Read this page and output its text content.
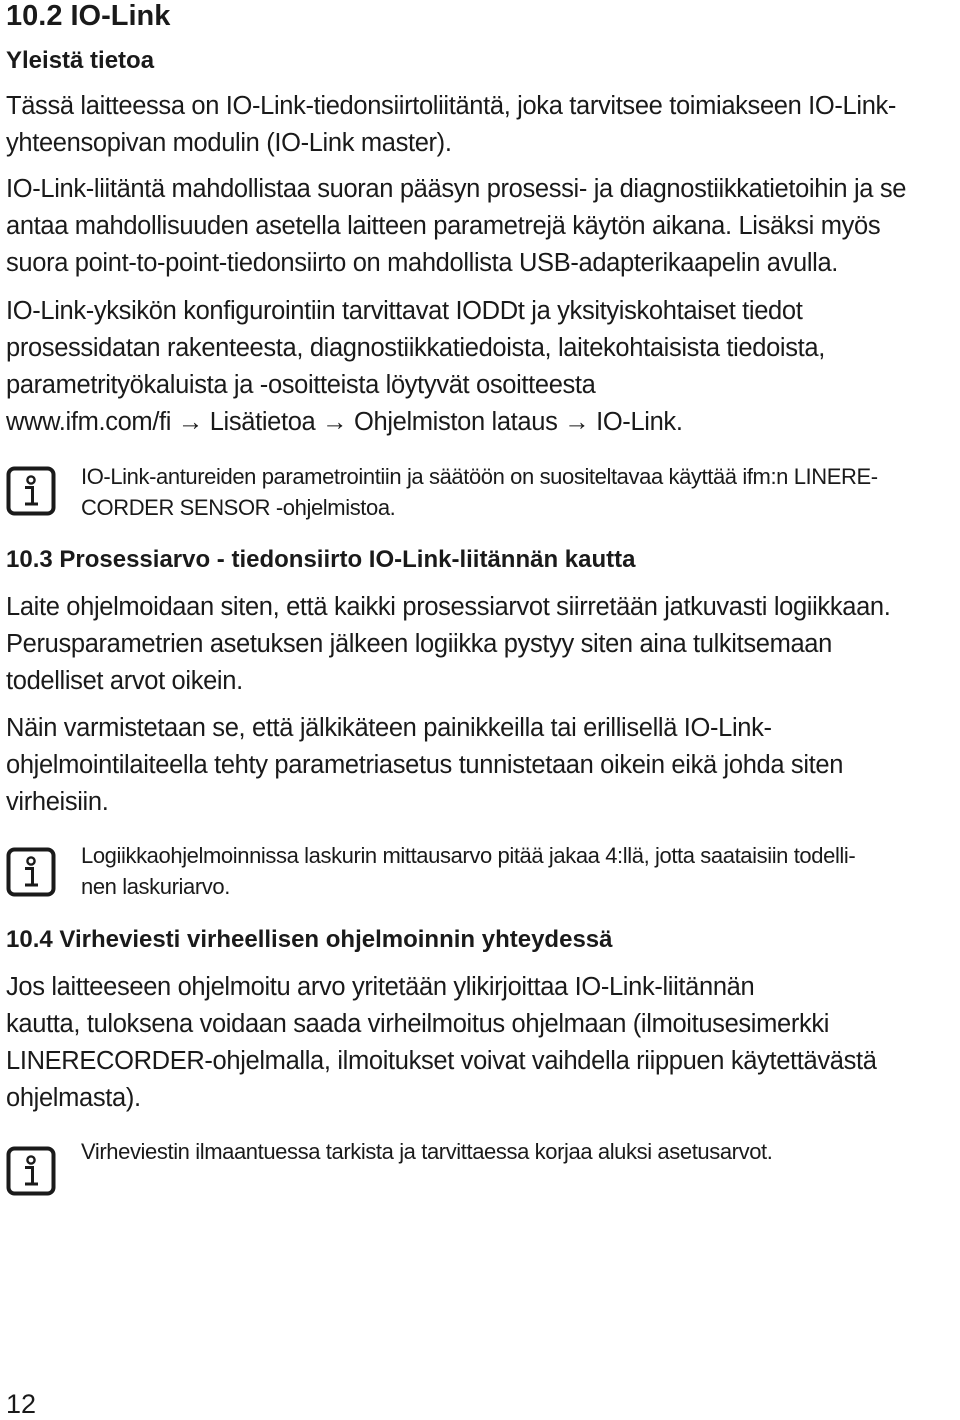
10.2 IO-Link
Yleistä tietoa

Tässä laitteessa on IO-Link-tiedonsiirtoliitäntä, joka tarvitsee toimiakseen IO-Link-
yhteensopivan modulin (IO-Link master).

IO-Link-liitäntä mahdollistaa suoran pääsyn prosessi- ja diagnostiikkatietoihin ja se
antaa mahdollisuuden asetella laitteen parametrejä käytön aikana. Lisäksi myös
suora point-to-point-tiedonsiirto on mahdollista USB-adapterikaapelin avulla.

IO-Link-yksikön konfigurointiin tarvittavat IODDt ja yksityiskohtaiset tiedot
prosessidatan rakenteesta, diagnostiikkatiedoista, laitekohtaisista tiedoista,
parametrityökaluista ja -osoitteista löytyvät osoitteesta
www.ifm.com/fi → Lisätietoa → Ohjelmiston lataus → IO-Link.

IO-Link-antureiden parametrointiin ja säätöön on suositeltavaa käyttää ifm:n LINERE-
CORDER SENSOR -ohjelmistoa.

10.3 Prosessiarvo - tiedonsiirto IO-Link-liitännän kautta

Laite ohjelmoidaan siten, että kaikki prosessiarvot siirretään jatkuvasti logiikkaan.
Perusparametrien asetuksen jälkeen logiikka pystyy siten aina tulkitsemaan
todelliset arvot oikein.

Näin varmistetaan se, että jälkikäteen painikkeilla tai erillisellä IO-Link-
ohjelmointilaiteella tehty parametriasetus tunnistetaan oikein eikä johda siten
virheisiin.

Logiikkaohjelmoinnissa laskurin mittausarvo pitää jakaa 4:llä, jotta saataisiin todelli-
nen laskuriarvo.

10.4 Virheviesti virheellisen ohjelmoinnin yhteydessä

Jos laitteeseen ohjelmoitu arvo yritetään ylikirjoittaa IO-Link-liitännän
kautta, tuloksena voidaan saada virheilmoitus ohjelmaan (ilmoitusesimerkki
LINERECORDER-ohjelmalla, ilmoitukset voivat vaihdella riippuen käytettävästä
ohjelmasta).

Virheviestin ilmaantuessa tarkista ja tarvittaessa korjaa aluksi asetusarvot.

12
